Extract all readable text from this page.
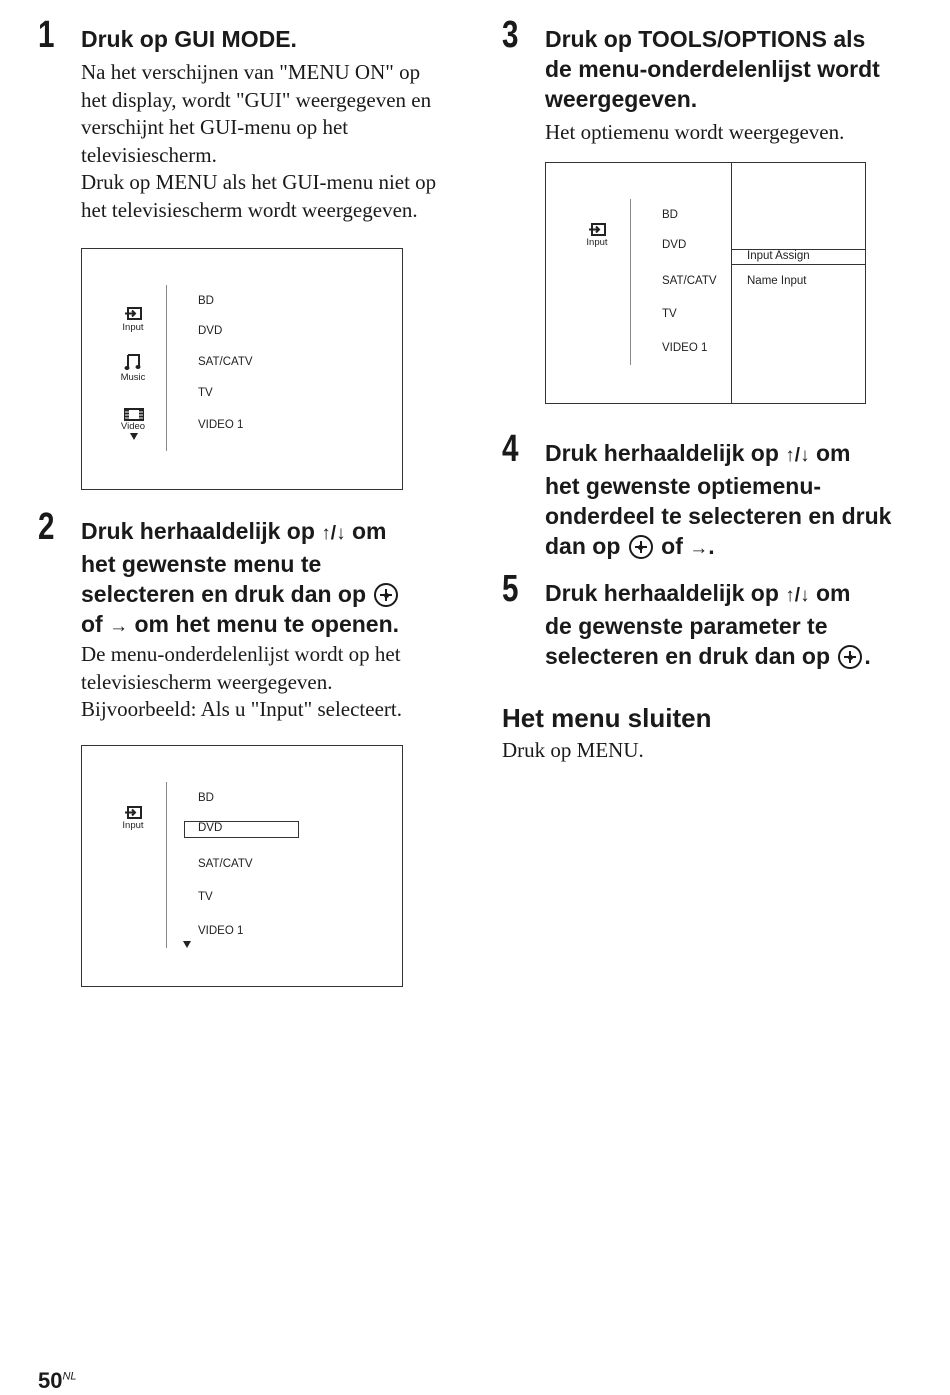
1 Druk op GUI MODE.
Na het verschijnen van "MENU ON" op
het display, wordt "GUI" weergegeven en
verschijnt het GUI-menu op het
televisiescherm.
Druk op MENU als het GUI-menu niet op
het televisiescherm wordt weergegeven.
Input
Music
Video
BD
DVD
SAT/CATV
TV
VIDEO 1
2 Druk herhaaldelijk op ↑/↓ om
het gewenste menu te
selecteren en druk dan op
of → om het menu te openen.
De menu-onderdelenlijst wordt op het
televisiescherm weergegeven.
Bijvoorbeeld: Als u "Input" selecteert.
Input
BD
DVD
SAT/CATV
TV
VIDEO 1
3 Druk op TOOLS/OPTIONS als
de menu-onderdelenlijst wordt
weergegeven.
Het optiemenu wordt weergegeven.
Input
BD
DVD
SAT/CATV
TV
VIDEO 1
Input Assign
Name Input
4 Druk herhaaldelijk op ↑/↓ om
het gewenste optiemenu-
onderdeel te selecteren en druk
dan op of →.
5 Druk herhaaldelijk op ↑/↓ om
de gewenste parameter te
selecteren en druk dan op .
Het menu sluiten
Druk op MENU.
$50^{NL}$
